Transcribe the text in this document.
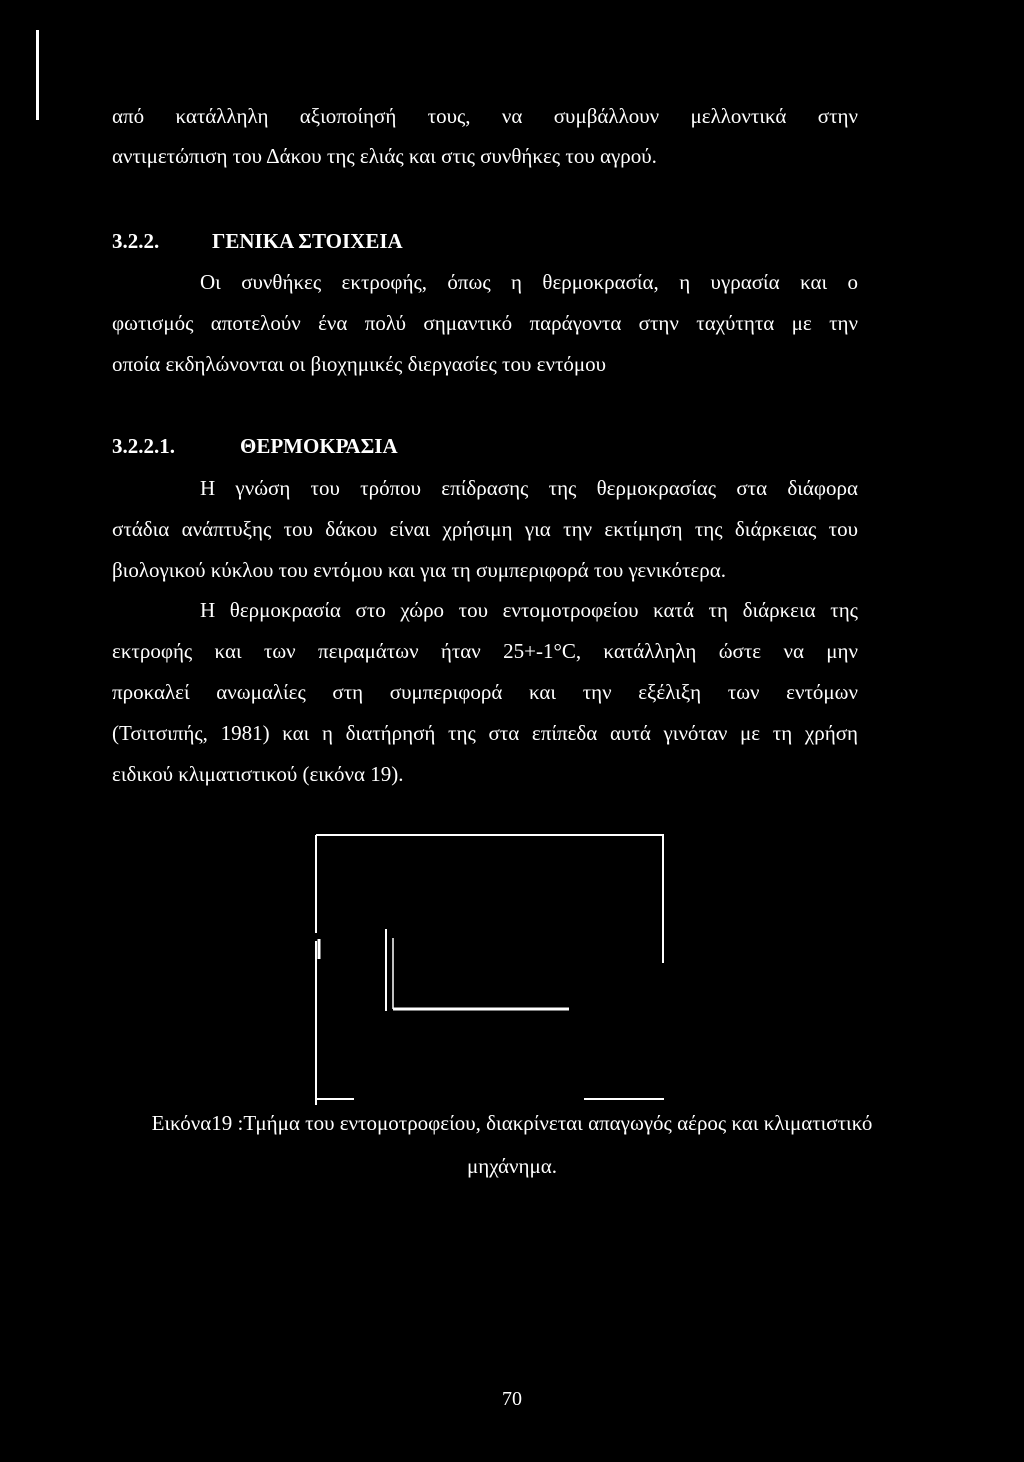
από κατάλληλη αξιοποίησή τους, να συμβάλλουν μελλοντικά στην
αντιμετώπιση του Δάκου της ελιάς και στις συνθήκες του αγρού.
3.2.2.	ΓΕΝΙΚΑ ΣΤΟΙΧΕΙΑ
Οι συνθήκες εκτροφής, όπως η θερμοκρασία, η υγρασία και ο
φωτισμός αποτελούν ένα πολύ σημαντικό παράγοντα στην ταχύτητα με την
οποία εκδηλώνονται οι βιοχημικές διεργασίες του εντόμου
3.2.2.1.	ΘΕΡΜΟΚΡΑΣΙΑ
Η γνώση του τρόπου επίδρασης της θερμοκρασίας στα διάφορα
στάδια ανάπτυξης του δάκου είναι χρήσιμη για την εκτίμηση της διάρκειας του
βιολογικού κύκλου του εντόμου και για τη συμπεριφορά του γενικότερα.
Η θερμοκρασία στο χώρο του εντομοτροφείου κατά τη διάρκεια της
εκτροφής και των πειραμάτων ήταν 25+-1°C, κατάλληλη ώστε να μην
προκαλεί ανωμαλίες στη συμπεριφορά και την εξέλιξη των εντόμων
(Τσιτσιπής, 1981) και η διατήρησή της στα επίπεδα αυτά γινόταν με τη χρήση
ειδικού κλιματιστικού (εικόνα 19).
Εικόνα19 :Τμήμα του εντομοτροφείου, διακρίνεται απαγωγός αέρος και κλιματιστικό
μηχάνημα.
70
